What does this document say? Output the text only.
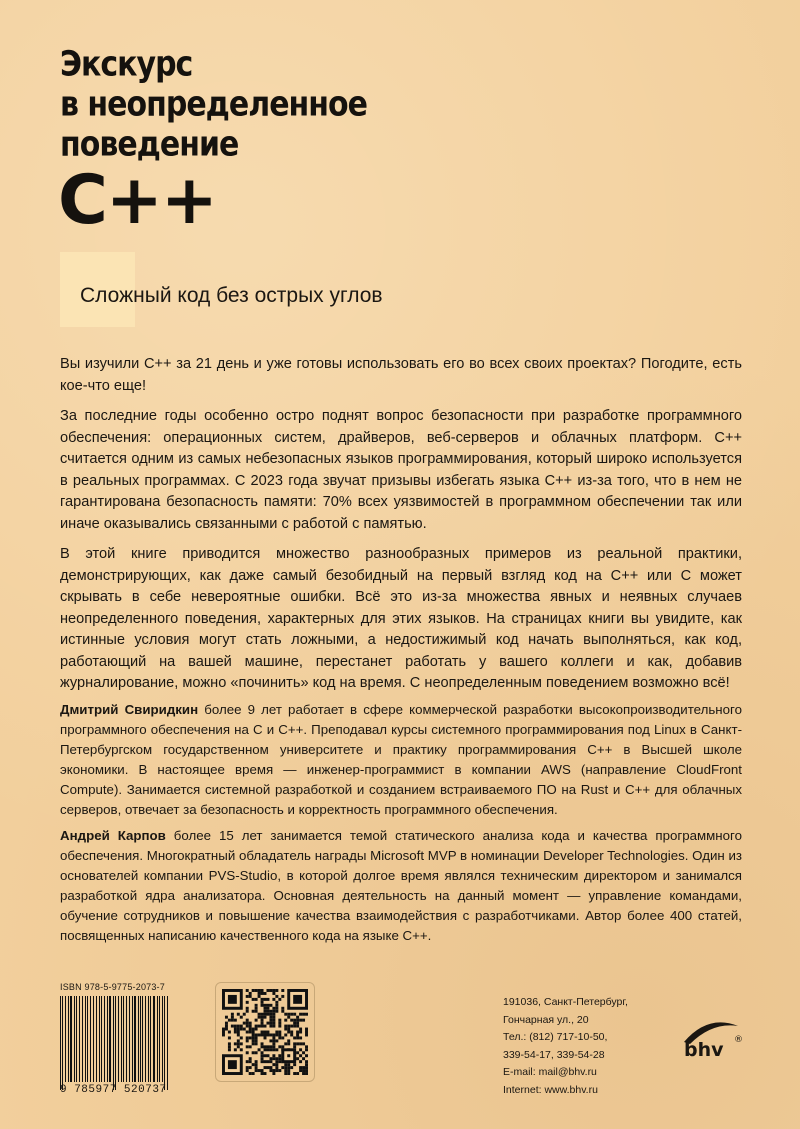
Экскурс
в неопределенное
поведение
C++
Сложный код без острых углов

Вы изучили C++ за 21 день и уже готовы использовать его во всех своих проектах? Погодите, есть кое-что еще!

За последние годы особенно остро поднят вопрос безопасности при разработке программного обеспечения: операционных систем, драйверов, веб-серверов и облачных платформ. C++ считается одним из самых небезопасных языков программирования, который широко используется в реальных программах. С 2023 года звучат призывы избегать языка C++ из-за того, что в нем не гарантирована безопасность памяти: 70% всех уязвимостей в программном обеспечении так или иначе оказывались связанными с работой с памятью.

В этой книге приводится множество разнообразных примеров из реальной практики, демонстрирующих, как даже самый безобидный на первый взгляд код на C++ или C может скрывать в себе невероятные ошибки. Всё это из-за множества явных и неявных случаев неопределенного поведения, характерных для этих языков. На страницах книги вы увидите, как истинные условия могут стать ложными, а недостижимый код начать выполняться, как код, работающий на вашей машине, перестанет работать у вашего коллеги и как, добавив журналирование, можно «починить» код на время. С неопределенным поведением возможно всё!

Дмитрий Свиридкин более 9 лет работает в сфере коммерческой разработки высокопроизводительного программного обеспечения на C и C++. Преподавал курсы системного программирования под Linux в Санкт-Петербургском государственном университете и практику программирования C++ в Высшей школе экономики. В настоящее время — инженер-программист в компании AWS (направление CloudFront Compute). Занимается системной разработкой и созданием встраиваемого ПО на Rust и C++ для облачных серверов, отвечает за безопасность и корректность программного обеспечения.

Андрей Карпов более 15 лет занимается темой статического анализа кода и качества программного обеспечения. Многократный обладатель награды Microsoft MVP в номинации Developer Technologies. Один из основателей компании PVS-Studio, в которой долгое время являлся техническим директором и занимался разработкой ядра анализатора. Основная деятельность на данный момент — управление командами, обучение сотрудников и повышение качества взаимодействия с разработчиками. Автор более 400 статей, посвященных написанию качественного кода на языке C++.

ISBN 978-5-9775-2073-7
9 785977 520737
191036, Санкт-Петербург,
Гончарная ул., 20
Тел.: (812) 717-10-50,
339-54-17, 339-54-28
E-mail: mail@bhv.ru
Internet: www.bhv.ru
bhv ®
